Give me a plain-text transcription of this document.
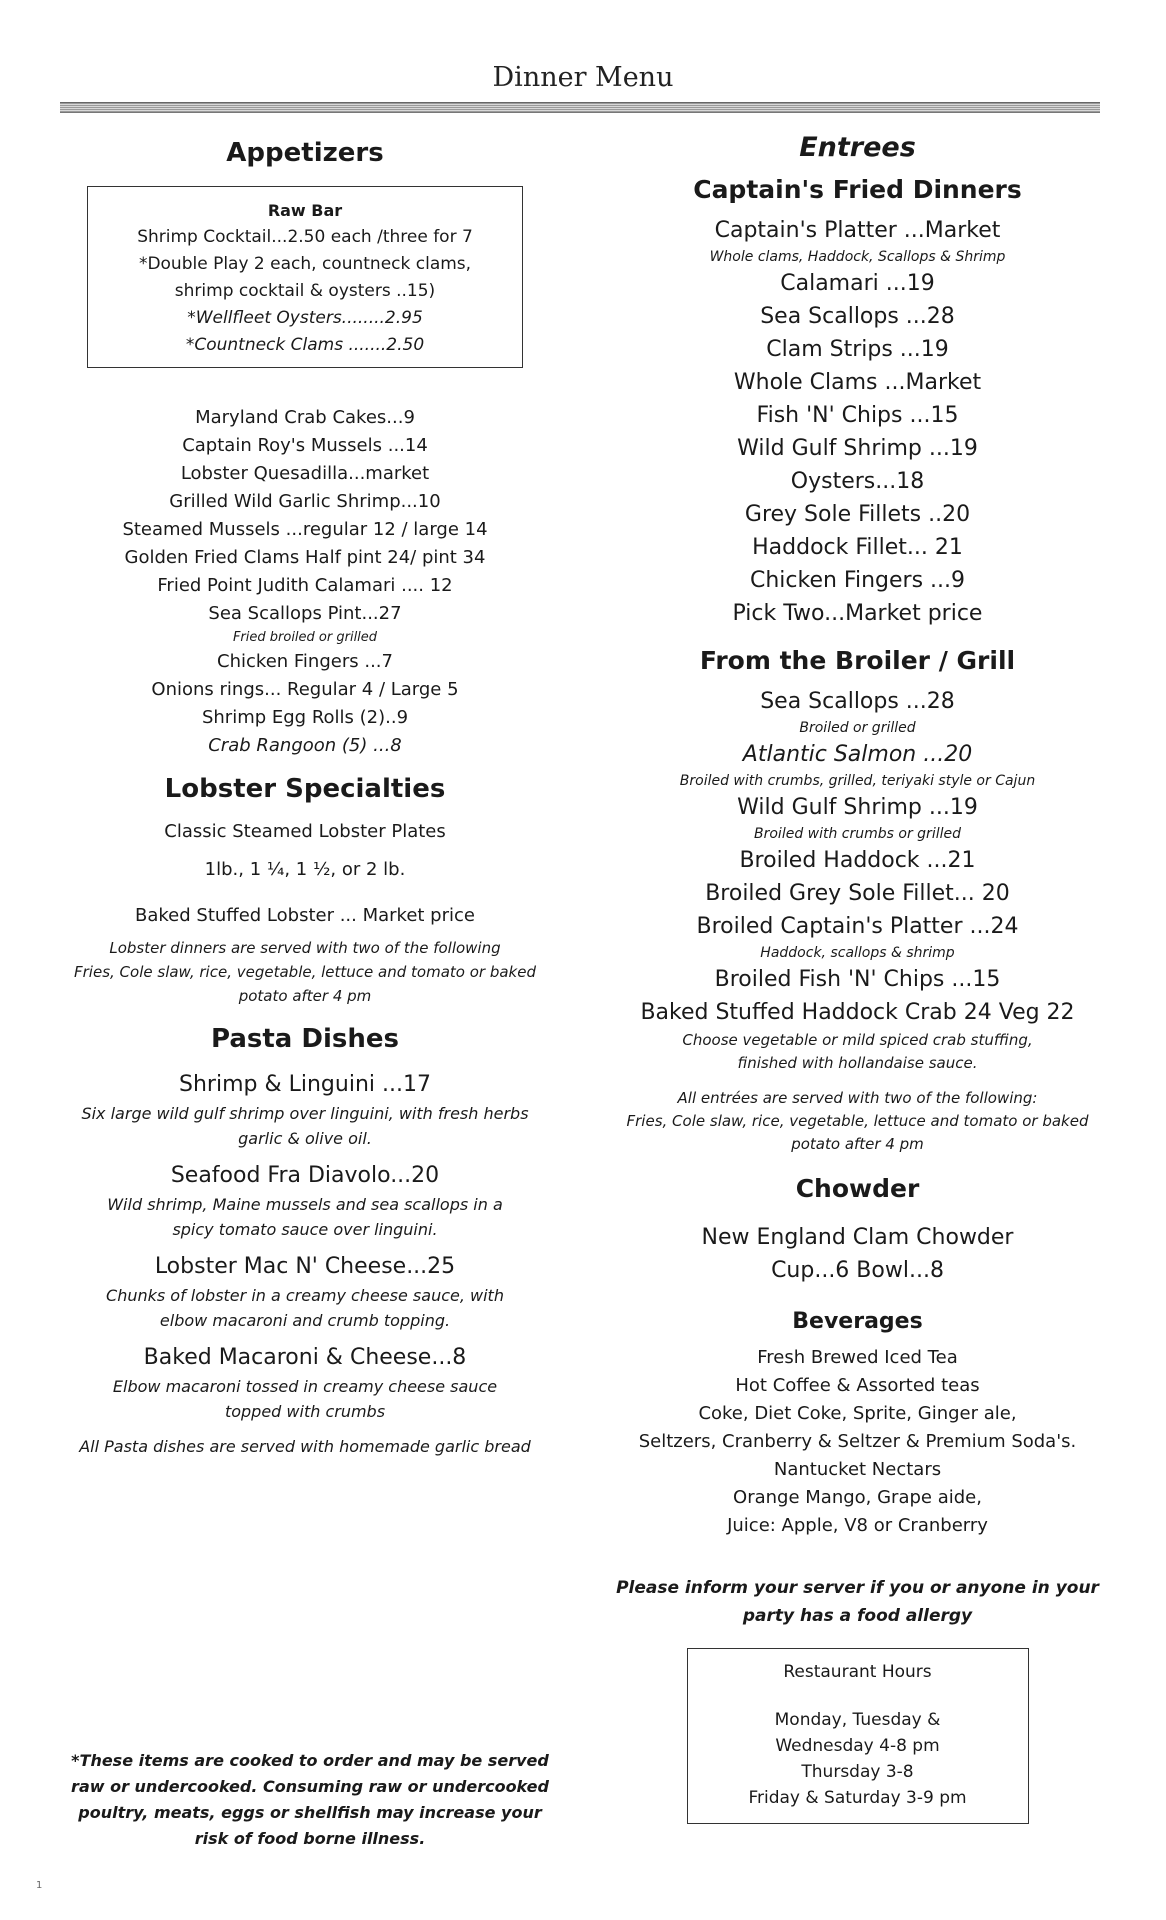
Dinner Menu
Appetizers
Raw Bar
Shrimp Cocktail...2.50 each /three for 7
*Double Play 2 each, countneck clams,
shrimp cocktail & oysters ..15)
*Wellfleet Oysters........2.95
*Countneck Clams .......2.50
Maryland Crab Cakes...9
Captain Roy's Mussels ...14
Lobster Quesadilla...market
Grilled Wild Garlic Shrimp...10
Steamed Mussels ...regular 12 / large 14
Golden Fried Clams Half pint 24/ pint 34
Fried Point Judith Calamari .... 12
Sea Scallops Pint...27
Fried broiled or grilled
Chicken Fingers ...7
Onions rings... Regular 4 / Large 5
Shrimp Egg Rolls (2)..9
Crab Rangoon (5) ...8
Lobster Specialties
Classic Steamed Lobster Plates
1lb., 1 ¼, 1 ½, or 2 lb.
Baked Stuffed Lobster ... Market price
Lobster dinners are served with two of the following
Fries, Cole slaw, rice, vegetable, lettuce and tomato or baked
potato after 4 pm
Pasta Dishes
Shrimp & Linguini ...17
Six large wild gulf shrimp over linguini, with fresh herbs garlic & olive oil.
Seafood Fra Diavolo...20
Wild shrimp, Maine mussels and sea scallops in a spicy tomato sauce over linguini.
Lobster Mac N' Cheese...25
Chunks of lobster in a creamy cheese sauce, with elbow macaroni and crumb topping.
Baked Macaroni & Cheese...8
Elbow macaroni tossed in creamy cheese sauce topped with crumbs
All Pasta dishes are served with homemade garlic bread
*These items are cooked to order and may be served raw or undercooked. Consuming raw or undercooked poultry, meats, eggs or shellfish may increase your risk of food borne illness.
Entrees
Captain's Fried Dinners
Captain's Platter ...Market
Whole clams, Haddock, Scallops & Shrimp
Calamari ...19
Sea Scallops ...28
Clam Strips ...19
Whole Clams ...Market
Fish 'N' Chips ...15
Wild Gulf Shrimp ...19
Oysters...18
Grey Sole Fillets ..20
Haddock Fillet... 21
Chicken Fingers ...9
Pick Two...Market price
From the Broiler / Grill
Sea Scallops ...28
Broiled or grilled
Atlantic Salmon ...20
Broiled with crumbs, grilled, teriyaki style or Cajun
Wild Gulf Shrimp ...19
Broiled with crumbs or grilled
Broiled Haddock ...21
Broiled Grey Sole Fillet... 20
Broiled Captain's Platter ...24
Haddock, scallops & shrimp
Broiled Fish 'N' Chips ...15
Baked Stuffed Haddock Crab 24 Veg 22
Choose vegetable or mild spiced crab stuffing,
finished with hollandaise sauce.
All entrées are served with two of the following:
Fries, Cole slaw, rice, vegetable, lettuce and tomato or baked
potato after 4 pm
Chowder
New England Clam Chowder
Cup...6 Bowl...8
Beverages
Fresh Brewed Iced Tea
Hot Coffee & Assorted teas
Coke, Diet Coke, Sprite, Ginger ale,
Seltzers, Cranberry & Seltzer & Premium Soda's.
Nantucket Nectars
Orange Mango, Grape aide,
Juice: Apple, V8 or Cranberry
Please inform your server if you or anyone in your party has a food allergy
Restaurant Hours
Monday, Tuesday &
Wednesday 4-8 pm
Thursday 3-8
Friday & Saturday 3-9 pm
1
